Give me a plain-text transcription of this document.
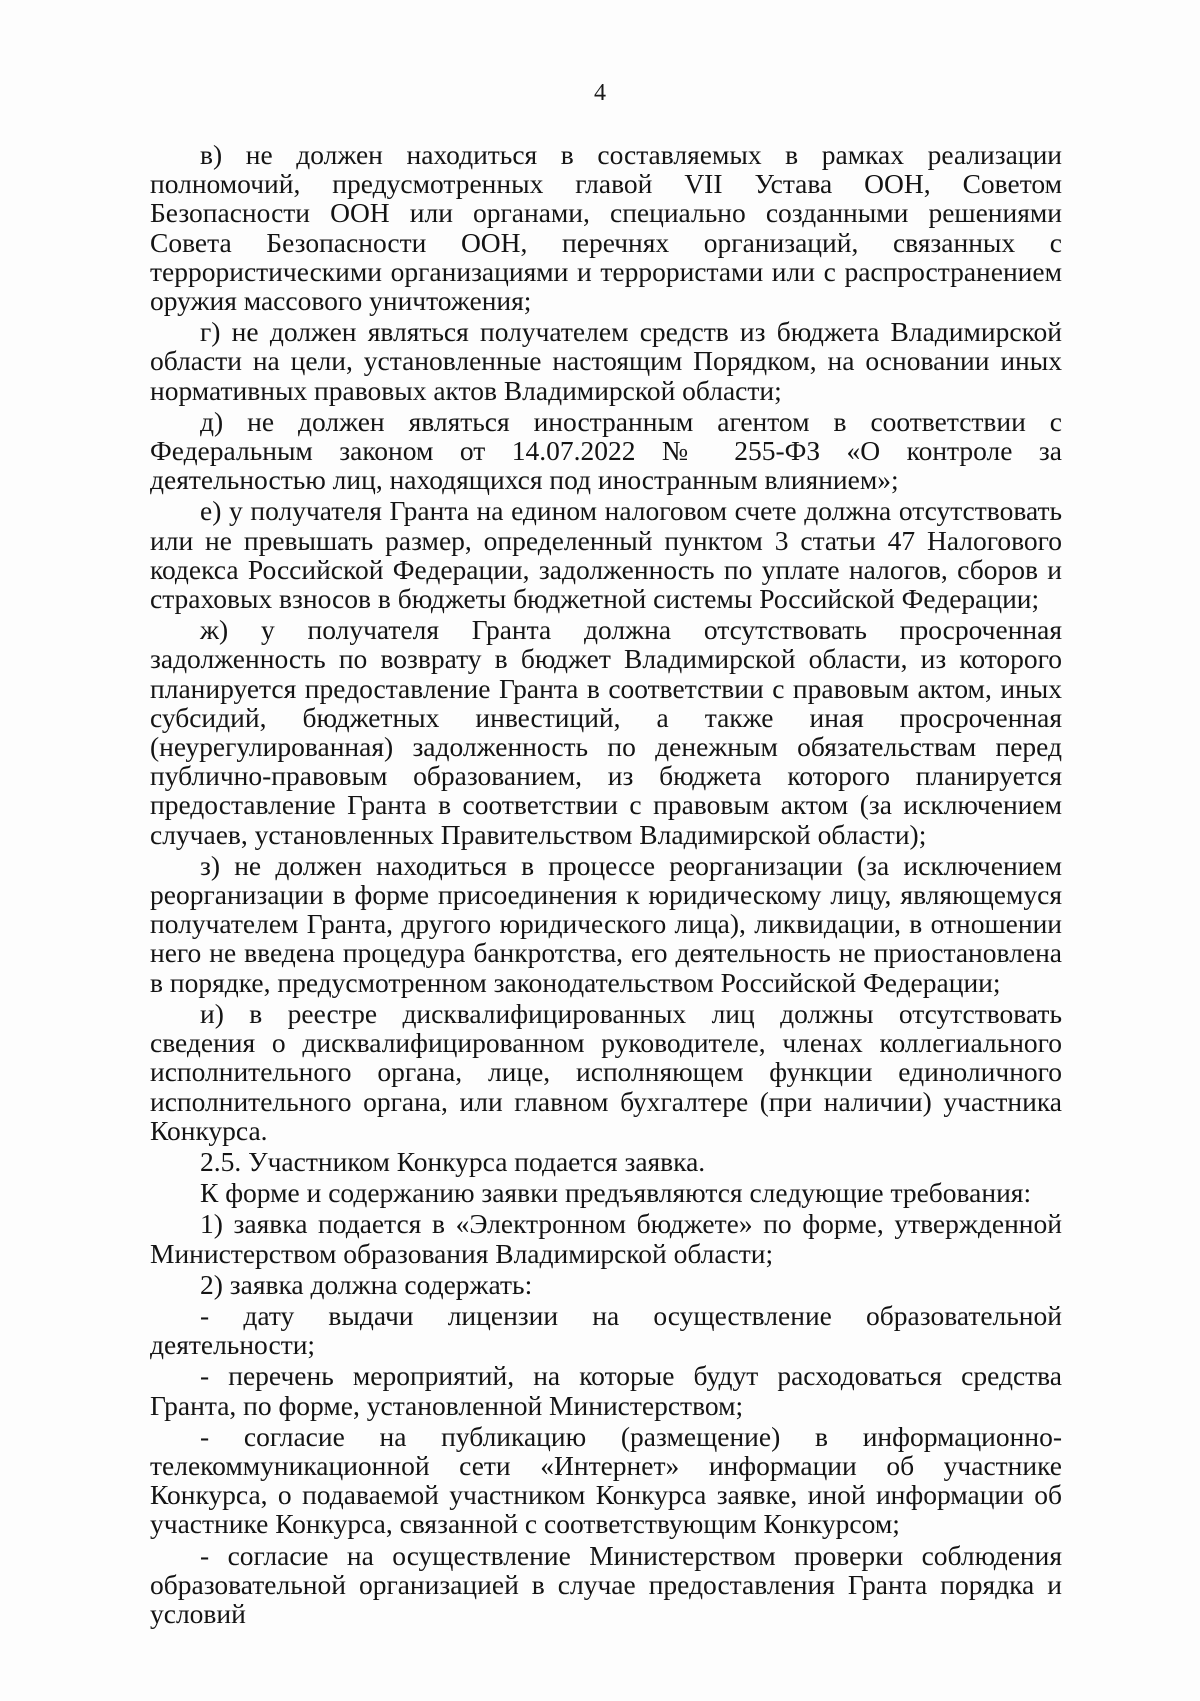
4

в) не должен находиться в составляемых в рамках реализации полномочий, предусмотренных главой VII Устава ООН, Советом Безопасности ООН или органами, специально созданными решениями Совета Безопасности ООН, перечнях организаций, связанных с террористическими организациями и террористами или с распространением оружия массового уничтожения;

г) не должен являться получателем средств из бюджета Владимирской области на цели, установленные настоящим Порядком, на основании иных нормативных правовых актов Владимирской области;

д) не должен являться иностранным агентом в соответствии с Федеральным законом от 14.07.2022 № 255-ФЗ «О контроле за деятельностью лиц, находящихся под иностранным влиянием»;

е) у получателя Гранта на едином налоговом счете должна отсутствовать или не превышать размер, определенный пунктом 3 статьи 47 Налогового кодекса Российской Федерации, задолженность по уплате налогов, сборов и страховых взносов в бюджеты бюджетной системы Российской Федерации;

ж) у получателя Гранта должна отсутствовать просроченная задолженность по возврату в бюджет Владимирской области, из которого планируется предоставление Гранта в соответствии с правовым актом, иных субсидий, бюджетных инвестиций, а также иная просроченная (неурегулированная) задолженность по денежным обязательствам перед публично-правовым образованием, из бюджета которого планируется предоставление Гранта в соответствии с правовым актом (за исключением случаев, установленных Правительством Владимирской области);

з) не должен находиться в процессе реорганизации (за исключением реорганизации в форме присоединения к юридическому лицу, являющемуся получателем Гранта, другого юридического лица), ликвидации, в отношении него не введена процедура банкротства, его деятельность не приостановлена в порядке, предусмотренном законодательством Российской Федерации;

и) в реестре дисквалифицированных лиц должны отсутствовать сведения о дисквалифицированном руководителе, членах коллегиального исполнительного органа, лице, исполняющем функции единоличного исполнительного органа, или главном бухгалтере (при наличии) участника Конкурса.

2.5. Участником Конкурса подается заявка.

К форме и содержанию заявки предъявляются следующие требования:

1) заявка подается в «Электронном бюджете» по форме, утвержденной Министерством образования Владимирской области;

2) заявка должна содержать:

- дату выдачи лицензии на осуществление образовательной деятельности;

- перечень мероприятий, на которые будут расходоваться средства Гранта, по форме, установленной Министерством;

- согласие на публикацию (размещение) в информационно-телекоммуникационной сети «Интернет» информации об участнике Конкурса, о подаваемой участником Конкурса заявке, иной информации об участнике Конкурса, связанной с соответствующим Конкурсом;

- согласие на осуществление Министерством проверки соблюдения образовательной организацией в случае предоставления Гранта порядка и условий
